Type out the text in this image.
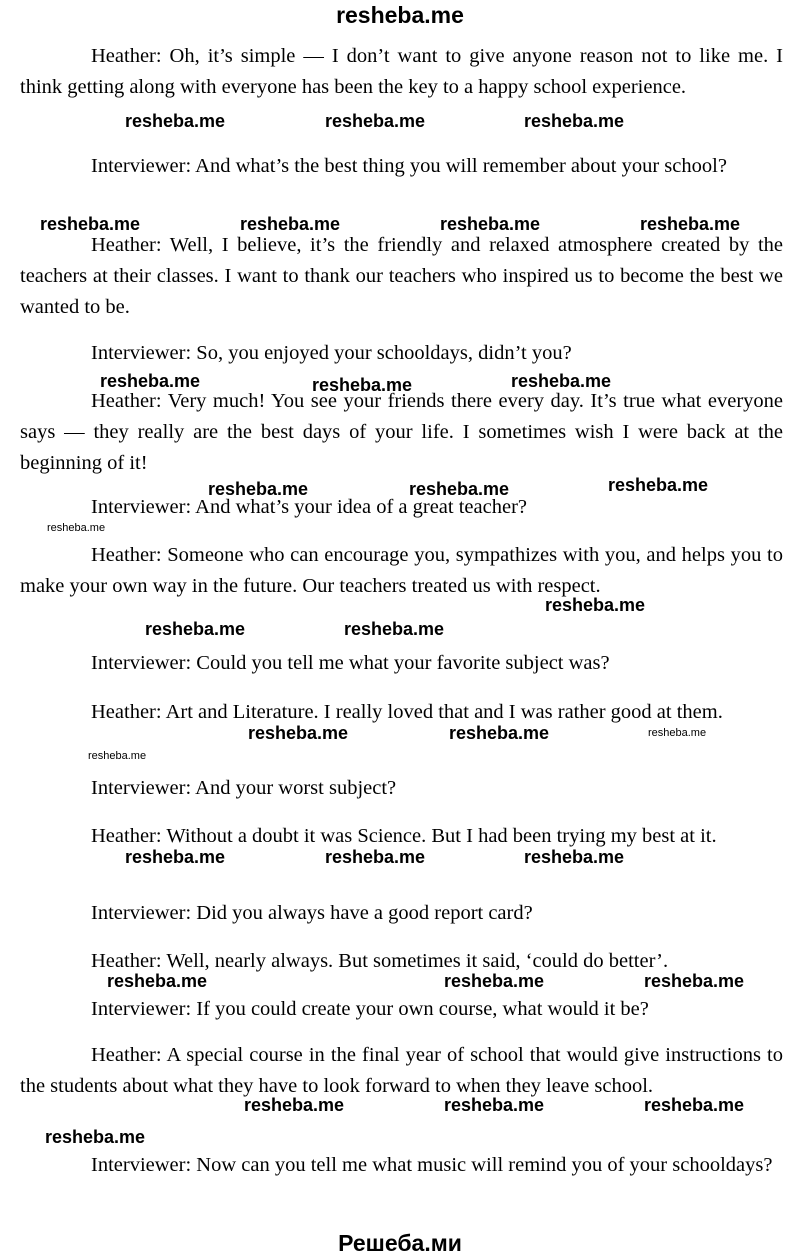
resheba.me

Heather: Oh, it’s simple — I don’t want to give anyone reason not to like me. I think getting along with everyone has been the key to a happy school experience.

Interviewer: And what’s the best thing you will remember about your school?

Heather: Well, I believe, it’s the friendly and relaxed atmosphere created by the teachers at their classes. I want to thank our teachers who inspired us to become the best we wanted to be.

Interviewer: So, you enjoyed your schooldays, didn’t you?

Heather: Very much! You see your friends there every day. It’s true what everyone says — they really are the best days of your life. I sometimes wish I were back at the beginning of it!

Interviewer: And what’s your idea of a great teacher?

Heather: Someone who can encourage you, sympathizes with you, and helps you to make your own way in the future. Our teachers treated us with respect.

Interviewer: Could you tell me what your favorite subject was?

Heather: Art and Literature. I really loved that and I was rather good at them.

Interviewer: And your worst subject?

Heather: Without a doubt it was Science. But I had been trying my best at it.

Interviewer: Did you always have a good report card?

Heather: Well, nearly always. But sometimes it said, ‘could do better’.

Interviewer: If you could create your own course, what would it be?

Heather: A special course in the final year of school that would give instructions to the students about what they have to look forward to when they leave school.

Interviewer: Now can you tell me what music will remind you of your schooldays?

resheba.me	resheba.me	resheba.me
resheba.me	resheba.me	resheba.me	resheba.me
resheba.me	resheba.me	resheba.me
resheba.me	resheba.me	resheba.me
resheba.me
resheba.me
resheba.me	resheba.me
resheba.me	resheba.me	resheba.me
resheba.me
resheba.me	resheba.me	resheba.me
resheba.me	resheba.me	resheba.me
resheba.me	resheba.me	resheba.me
resheba.me
Решеба.ми
